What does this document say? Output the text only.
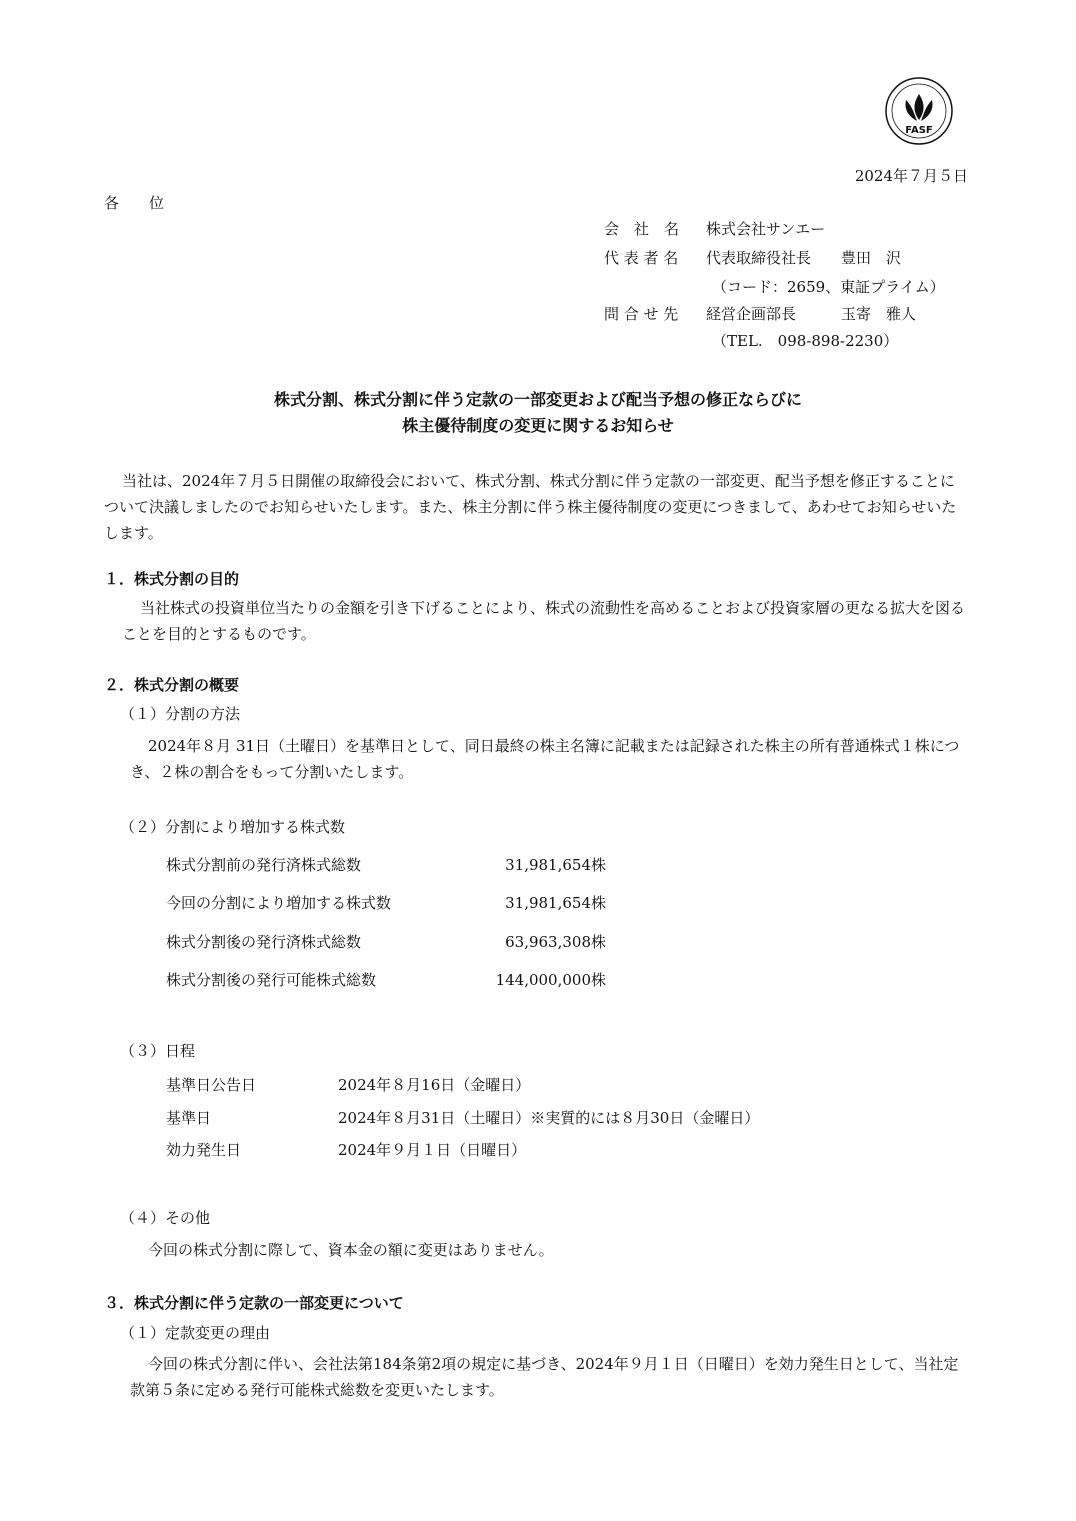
FASF
2024年７月５日
各　　位
会　社　名 株式会社サンエー
代 表 者 名 代表取締役社長　　豊田　沢
（コード：2659、東証プライム）
問 合 せ 先 経営企画部長　　　玉寄　雅人
（TEL.　098-898-2230）
株式分割、株式分割に伴う定款の一部変更および配当予想の修正ならびに
株主優待制度の変更に関するお知らせ
当社は、2024年７月５日開催の取締役会において、株式分割、株式分割に伴う定款の一部変更、配当予想を修正することについて決議しましたのでお知らせいたします。また、株主分割に伴う株主優待制度の変更につきまして、あわせてお知らせいたします。
１．株式分割の目的
当社株式の投資単位当たりの金額を引き下げることにより、株式の流動性を高めることおよび投資家層の更なる拡大を図ることを目的とするものです。
２．株式分割の概要
（１）分割の方法
2024年８月 31日（土曜日）を基準日として、同日最終の株主名簿に記載または記録された株主の所有普通株式１株につき、２株の割合をもって分割いたします。
（２）分割により増加する株式数
株式分割前の発行済株式総数	31,981,654株
今回の分割により増加する株式数	31,981,654株
株式分割後の発行済株式総数	63,963,308株
株式分割後の発行可能株式総数	144,000,000株
（３）日程
基準日公告日	2024年８月16日（金曜日）
基準日	2024年８月31日（土曜日）※実質的には８月30日（金曜日）
効力発生日	2024年９月１日（日曜日）
（４）その他
今回の株式分割に際して、資本金の額に変更はありません。
３．株式分割に伴う定款の一部変更について
（１）定款変更の理由
今回の株式分割に伴い、会社法第184条第2項の規定に基づき、2024年９月１日（日曜日）を効力発生日として、当社定款第５条に定める発行可能株式総数を変更いたします。
